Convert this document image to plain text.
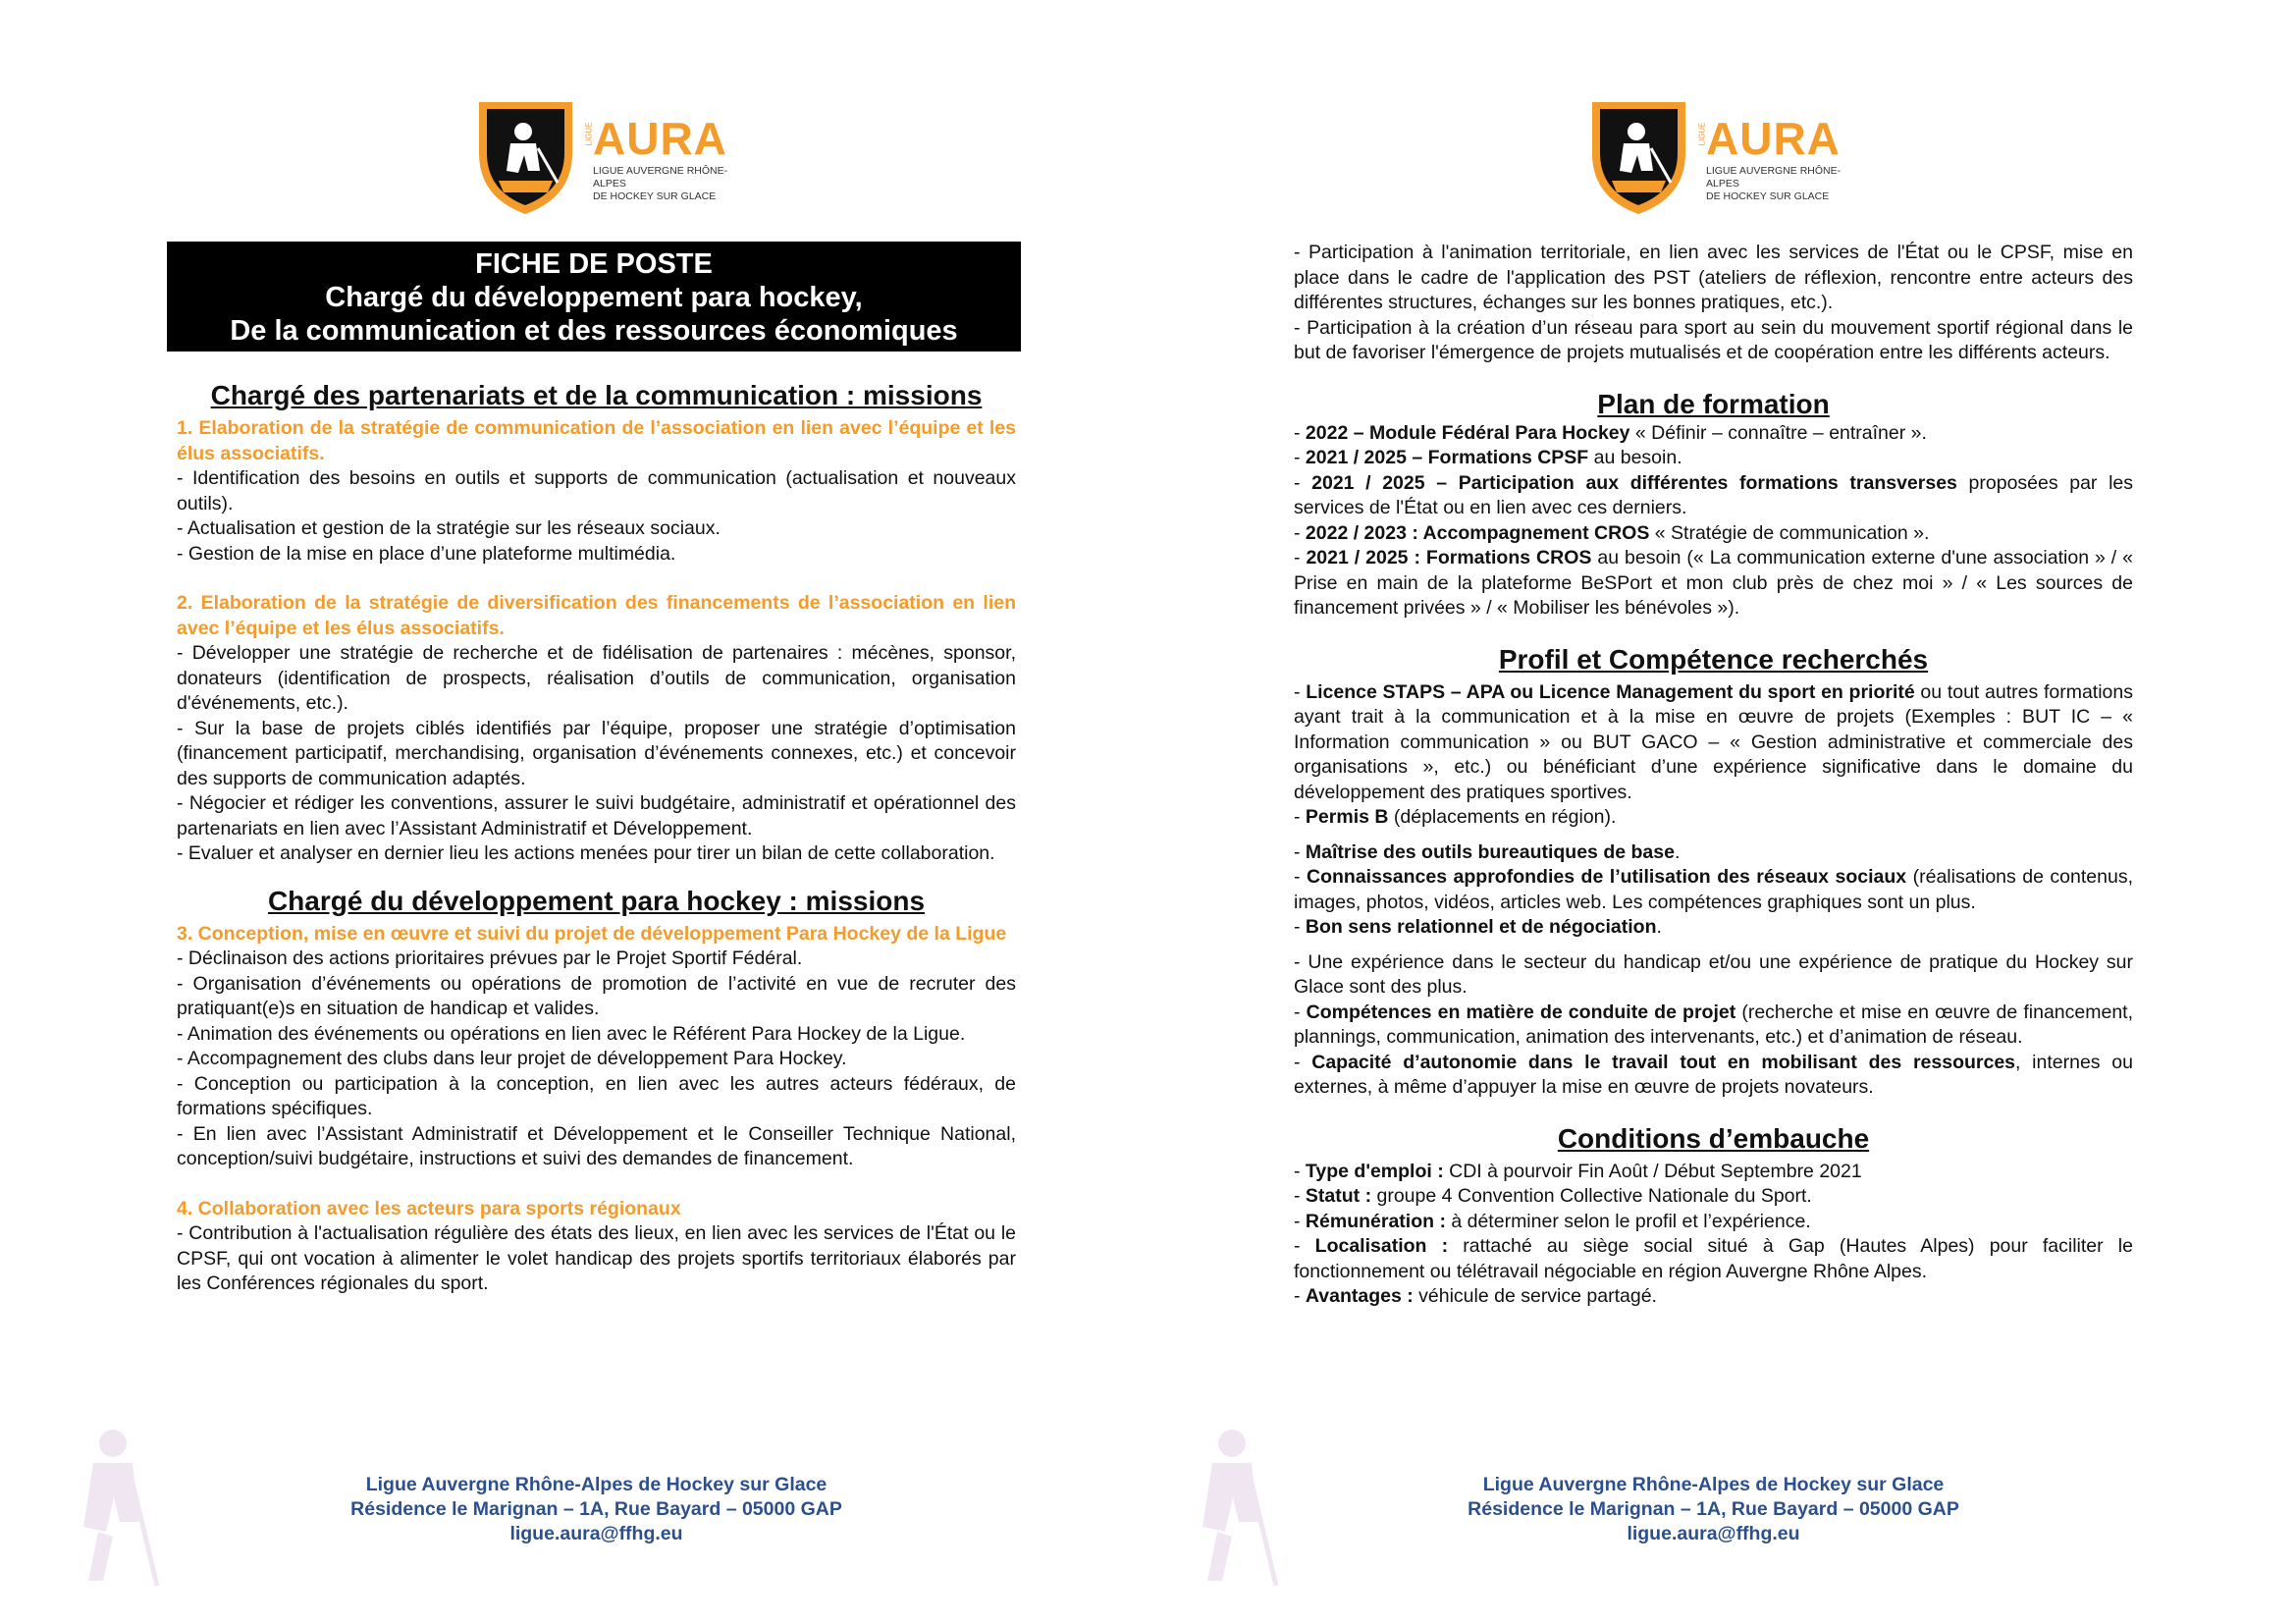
LIGUE AURA
LIGUE AUVERGNE RHÔNE-ALPES
DE HOCKEY SUR GLACE
FICHE DE POSTE
Chargé du développement para hockey,
De la communication et des ressources économiques

Chargé des partenariats et de la communication : missions

1. Elaboration de la stratégie de communication de l’association en lien avec l’équipe et les élus associatifs.

- Identification des besoins en outils et supports de communication (actualisation et nouveaux outils).

- Actualisation et gestion de la stratégie sur les réseaux sociaux.

- Gestion de la mise en place d’une plateforme multimédia.

2. Elaboration de la stratégie de diversification des financements de l’association en lien avec l’équipe et les élus associatifs.

- Développer une stratégie de recherche et de fidélisation de partenaires : mécènes, sponsor, donateurs (identification de prospects, réalisation d’outils de communication, organisation d'événements, etc.).

- Sur la base de projets ciblés identifiés par l’équipe, proposer une stratégie d’optimisation (financement participatif, merchandising, organisation d’événements connexes, etc.) et concevoir des supports de communication adaptés.

- Négocier et rédiger les conventions, assurer le suivi budgétaire, administratif et opérationnel des partenariats en lien avec l’Assistant Administratif et Développement.

- Evaluer et analyser en dernier lieu les actions menées pour tirer un bilan de cette collaboration.

Chargé du développement para hockey : missions

3. Conception, mise en œuvre et suivi du projet de développement Para Hockey de la Ligue

- Déclinaison des actions prioritaires prévues par le Projet Sportif Fédéral.

- Organisation d’événements ou opérations de promotion de l’activité en vue de recruter des pratiquant(e)s en situation de handicap et valides.

- Animation des événements ou opérations en lien avec le Référent Para Hockey de la Ligue.

- Accompagnement des clubs dans leur projet de développement Para Hockey.

- Conception ou participation à la conception, en lien avec les autres acteurs fédéraux, de formations spécifiques.

- En lien avec l’Assistant Administratif et Développement et le Conseiller Technique National, conception/suivi budgétaire, instructions et suivi des demandes de financement.

4. Collaboration avec les acteurs para sports régionaux

- Contribution à l'actualisation régulière des états des lieux, en lien avec les services de l'État ou le CPSF, qui ont vocation à alimenter le volet handicap des projets sportifs territoriaux élaborés par les Conférences régionales du sport.

Ligue Auvergne Rhône-Alpes de Hockey sur Glace
Résidence le Marignan – 1A, Rue Bayard – 05000 GAP
ligue.aura@ffhg.eu
LIGUE AURA
LIGUE AUVERGNE RHÔNE-ALPES
DE HOCKEY SUR GLACE

- Participation à l'animation territoriale, en lien avec les services de l'État ou le CPSF, mise en place dans le cadre de l'application des PST (ateliers de réflexion, rencontre entre acteurs des différentes structures, échanges sur les bonnes pratiques, etc.).

- Participation à la création d’un réseau para sport au sein du mouvement sportif régional dans le but de favoriser l'émergence de projets mutualisés et de coopération entre les différents acteurs.

Plan de formation

- 2022 – Module Fédéral Para Hockey « Définir – connaître – entraîner ».

- 2021 / 2025 – Formations CPSF au besoin.

- 2021 / 2025 – Participation aux différentes formations transverses proposées par les services de l'État ou en lien avec ces derniers.

- 2022 / 2023 : Accompagnement CROS « Stratégie de communication ».

- 2021 / 2025 : Formations CROS au besoin (« La communication externe d'une association » / « Prise en main de la plateforme BeSPort et mon club près de chez moi » / « Les sources de financement privées » / « Mobiliser les bénévoles »).

Profil et Compétence recherchés

- Licence STAPS – APA ou Licence Management du sport en priorité ou tout autres formations ayant trait à la communication et à la mise en œuvre de projets (Exemples : BUT IC – « Information communication » ou BUT GACO – « Gestion administrative et commerciale des organisations », etc.) ou bénéficiant d’une expérience significative dans le domaine du développement des pratiques sportives.

- Permis B (déplacements en région).

- Maîtrise des outils bureautiques de base.

- Connaissances approfondies de l’utilisation des réseaux sociaux (réalisations de contenus, images, photos, vidéos, articles web. Les compétences graphiques sont un plus.

- Bon sens relationnel et de négociation.

- Une expérience dans le secteur du handicap et/ou une expérience de pratique du Hockey sur Glace sont des plus.

- Compétences en matière de conduite de projet (recherche et mise en œuvre de financement, plannings, communication, animation des intervenants, etc.) et d’animation de réseau.

- Capacité d’autonomie dans le travail tout en mobilisant des ressources, internes ou externes, à même d’appuyer la mise en œuvre de projets novateurs.

Conditions d’embauche

- Type d'emploi : CDI à pourvoir Fin Août / Début Septembre 2021

- Statut : groupe 4 Convention Collective Nationale du Sport.

- Rémunération : à déterminer selon le profil et l’expérience.

- Localisation : rattaché au siège social situé à Gap (Hautes Alpes) pour faciliter le fonctionnement ou télétravail négociable en région Auvergne Rhône Alpes.

- Avantages : véhicule de service partagé.

Ligue Auvergne Rhône-Alpes de Hockey sur Glace
Résidence le Marignan – 1A, Rue Bayard – 05000 GAP
ligue.aura@ffhg.eu
